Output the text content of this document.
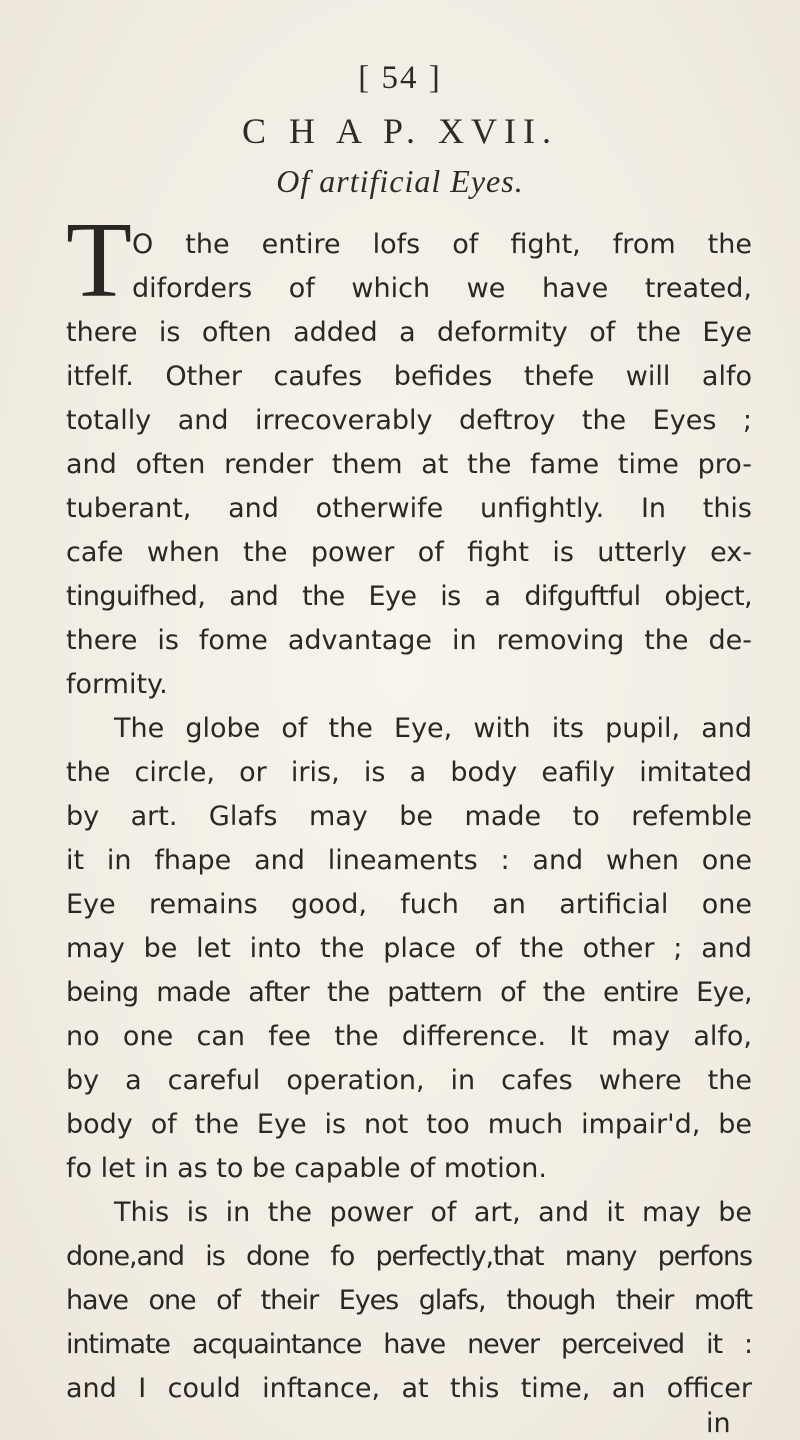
[ 54 ]
C H A P. XVII.
Of artificial Eyes.
T O the entire lofs of fight, from the
diforders of which we have treated,
there is often added a deformity of the Eye
itfelf. Other caufes befides thefe will alfo
totally and irrecoverably deftroy the Eyes ;
and often render them at the fame time pro-
tuberant, and otherwife unfightly. In this
cafe when the power of fight is utterly ex-
tinguifhed, and the Eye is a difguftful object,
there is fome advantage in removing the de-
formity.
The globe of the Eye, with its pupil, and
the circle, or iris, is a body eafily imitated
by art. Glafs may be made to refemble
it in fhape and lineaments : and when one
Eye remains good, fuch an artificial one
may be let into the place of the other ; and
being made after the pattern of the entire Eye,
no one can fee the difference. It may alfo,
by a careful operation, in cafes where the
body of the Eye is not too much impair'd, be
fo let in as to be capable of motion.
This is in the power of art, and it may be
done,and is done fo perfectly,that many perfons
have one of their Eyes glafs, though their moft
intimate acquaintance have never perceived it :
and I could inftance, at this time, an officer
in
